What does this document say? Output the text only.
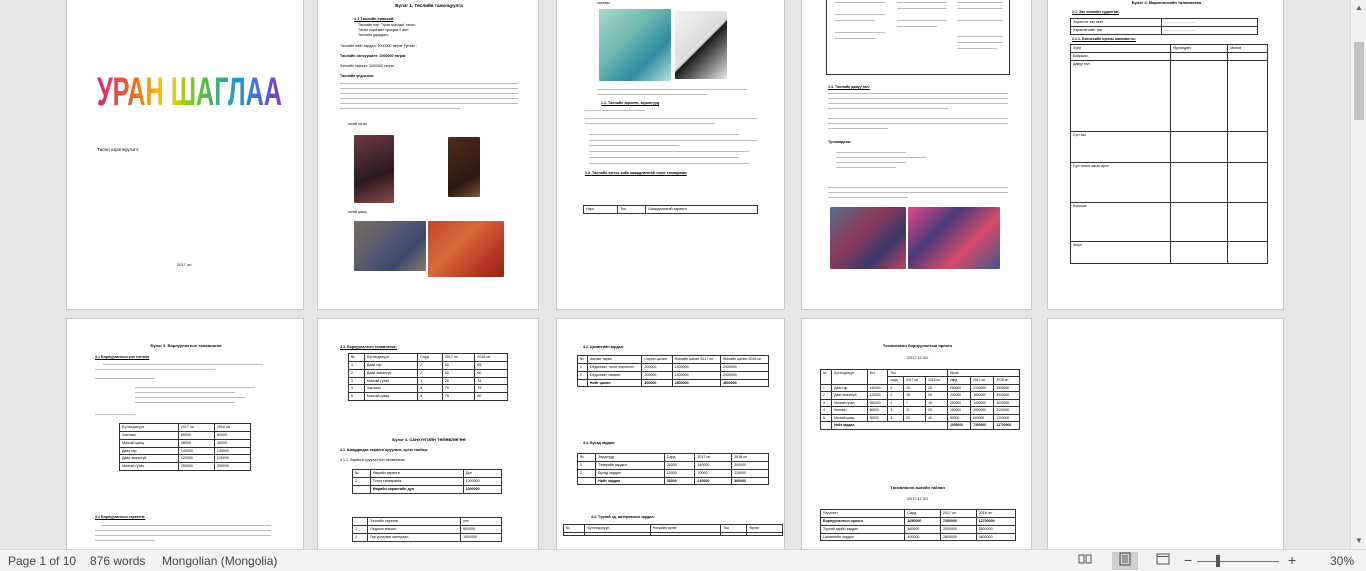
УРАН ШАГЛАА
Төсөл хэрэгжүүлэгч:
2017 он
Бүлэг 1. Төслийн танилцуулга
1.1 Төслийн ерөнхий
Төслийн нэр: "Уран шаглаа" төсөл
Төсөл хэрэгжих хугацаа:3 жил
Төслийн удирдагч:
Төслийн нийт зардал: 3000000 төгрөг Үүнээс :
Төслийн санхүүжилт: 2000000 төгрөг
Зээлийн хэмжээ: 1000000 төгрөг
Төслийн үндэслэл:
эсгий гутал
эсгий цамц
хантааз
1.2. Төслийн зорилго, зорилтууд
1.3. Төслийн зүгээс хийх шаардлагатай тоног төхөөрөмж
Нэрс	Тоо	Шаардлагатай хөрөнгө
1.4. Төслийн давуу тал:
Тулгамдсан:
Бүлэг 2. Маркетингийн төлөвлөгөө
2.1. Зах зээлийн судалгаа:
Зорилтот зах зээл	................................
Хэрэглэгчийн тоо	................................
2.1.1. Бизнесийн орчны шинжилгээ:
Зүйл	Өрсөлдөгч	Миний
Байршил		
Давуу тал		
Сул тал		
Сул талыг засах арга		
Боломж		
Аюул		
Бүлэг 3. Борлуулалтын төлөвлөгөө
3.1 Борлуулалтын үнэ тогтоох
Бүтээгдэхүүн	2017 он	2018 он
Хантааз	60000	60000
Малгай цамц	38000	38000
Даах гар	140000	140000
Даах эмээлгүй	120000	120000
Малгай гутал	250000	250000
3.2 Борлуулалтын стратеги:
3.3. Борлуулалтын төлөвлөгөө:
№	Бүтээгдэхүүн	Сард	2017 он	2018 он
1	Даах гар	2	50	65
2	Даах эмээлгүй	2	50	60
3	Малгай гутал	1	25	34
4	Хантааз	5	70	75
5	Малгай цамц	5	75	80
Бүлэг 4. САНХҮҮГИЙН ТӨЛӨВЛӨГӨӨ
4.1. Шаардагдах хөрөнгө оруулалт, эргэх төлбөр:
4.1.1. Хөрөнгө оруулалтын төлөвлөгөө:
№	Өөрийн хөрөнгө	Дүн
1	Тоног төхөөрөмж	1000000
	Өөрийн хөрөнгийн дүн	1000000
	Зээлийн хөрөнгө	үнэ
1	Оёдлын машин	500000
2	Гар урлалын материал	1500000
4.2. Цалингийн зардал:
№	Ажлын төрөл	Сарын цалин	Жилийн цалин 2017 он	Жилийн цалин 2018 он
1	Оёдолчин, тогоо хэрэглэгч	200000	1400000	2400000
2	Оёдолчин, нэхмэл	200000	1400000	2400000
	Нийт цалин	400000	2800000	4800000
4.3. Бусад зардал:
№	Зардлууд	Сард	2017 он	2018 он
1	Тээврийн зардал	20000	140000	240000
2	Бусад зардал	10000	70000	120000
	Нийт зардал	30000	210000	360000
4.4. Түүхий эд, материалын зардал:
№	Бүтээгдэхүүн	Нэгжийн өртөг	Тоо	Өртөг

Төсөвлөсөн борлуулалтын орлого
/2017.12.31/
№	Бүтээгдэхүүн	Үнэ	Тоо			Өртөг		
			сард	2017 он	2018 он	сард	2017 он	2018 он
1	Даах гар	140000	2	15	25	280000	2100000	3500000
2	Даах эмээлгүй	120000	2	15	25	240000	1800000	3000000
3	Малгай гутал	250000	1	7	15	250000	1400000	3000000
4	Хантааз	60000	3	21	25	180000	1500000	2000000
5	Малгай цамц	30000	3	20	40	90000	600000	1200000
	Нийт зардал					1050000	7350000	12700000
Төсөвлөсөн ашгийн тайлан
/2017.12.31/
Үзүүлэлт	Сард	2017 он	2018 он
Борлуулалтын орлого	1050000	7350000	12700000
Түүхий эдийн зардал	460000	3300000	5500000
Цалингийн зардал	400000	2800000	4800000
▲
▼
Page 1 of 10 876 words Mongolian (Mongolia)	−	+	30%
